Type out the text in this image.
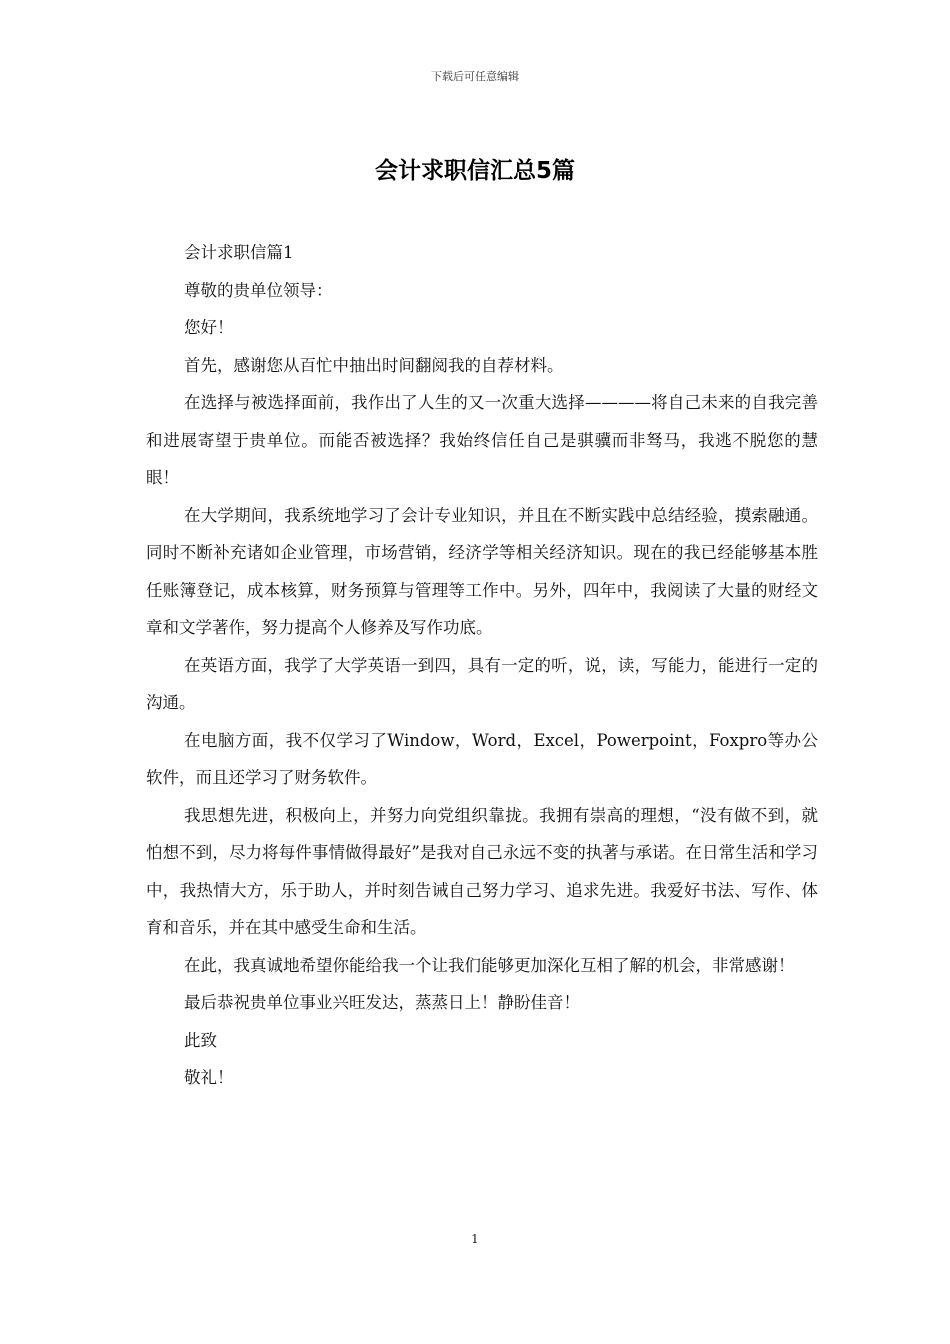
下载后可任意编辑
会计求职信汇总5篇

会计求职信篇1

尊敬的贵单位领导：

您好！

首先，感谢您从百忙中抽出时间翻阅我的自荐材料。

在选择与被选择面前，我作出了人生的又一次重大选择————将自己未来的自我完善和进展寄望于贵单位。而能否被选择？我始终信任自己是骐骥而非驽马，我逃不脱您的慧眼！

在大学期间，我系统地学习了会计专业知识，并且在不断实践中总结经验，摸索融通。同时不断补充诸如企业管理，市场营销，经济学等相关经济知识。现在的我已经能够基本胜任账簿登记，成本核算，财务预算与管理等工作中。另外，四年中，我阅读了大量的财经文章和文学著作，努力提高个人修养及写作功底。

在英语方面，我学了大学英语一到四，具有一定的听，说，读，写能力，能进行一定的沟通。

在电脑方面，我不仅学习了Window，Word，Excel，Powerpoint，Foxpro等办公软件，而且还学习了财务软件。

我思想先进，积极向上，并努力向党组织靠拢。我拥有崇高的理想，“没有做不到，就怕想不到，尽力将每件事情做得最好”是我对自己永远不变的执著与承诺。在日常生活和学习中，我热情大方，乐于助人，并时刻告诫自己努力学习、追求先进。我爱好书法、写作、体育和音乐，并在其中感受生命和生活。

在此，我真诚地希望你能给我一个让我们能够更加深化互相了解的机会，非常感谢！

最后恭祝贵单位事业兴旺发达，蒸蒸日上！静盼佳音！

此致

敬礼！

1
